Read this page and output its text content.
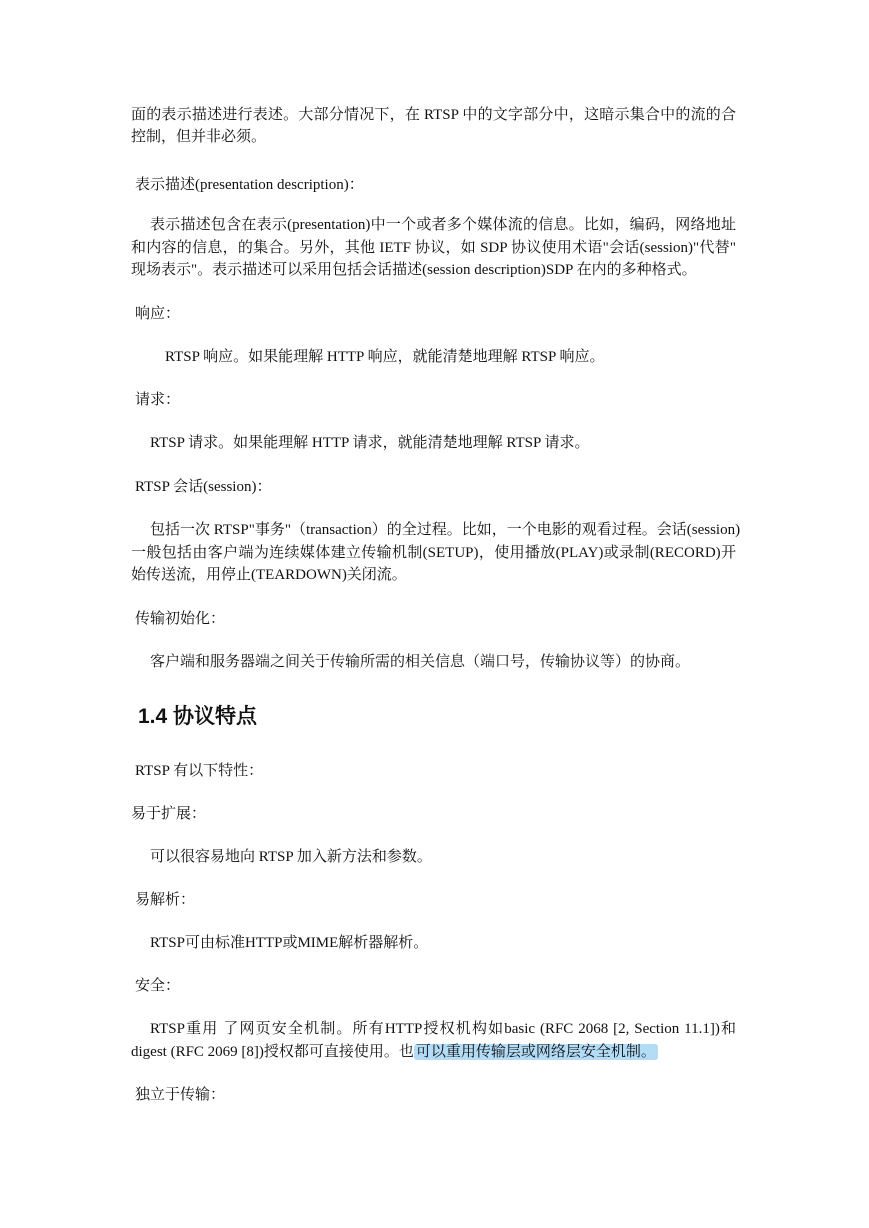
面的表示描述进行表述。大部分情况下，在 RTSP 中的文字部分中，这暗示集合中的流的合

控制，但并非必须。

表示描述(presentation description)：

表示描述包含在表示(presentation)中一个或者多个媒体流的信息。比如，编码，网络地址

和内容的信息，的集合。另外，其他 IETF 协议，如 SDP 协议使用术语"会话(session)"代替"

现场表示"。表示描述可以采用包括会话描述(session description)SDP 在内的多种格式。

响应：

RTSP 响应。如果能理解 HTTP 响应，就能清楚地理解 RTSP 响应。

请求：

RTSP 请求。如果能理解 HTTP 请求，就能清楚地理解 RTSP 请求。

RTSP 会话(session)：

包括一次 RTSP"事务"（transaction）的全过程。比如，一个电影的观看过程。会话(session)

一般包括由客户端为连续媒体建立传输机制(SETUP)，使用播放(PLAY)或录制(RECORD)开

始传送流，用停止(TEARDOWN)关闭流。

传输初始化：

客户端和服务器端之间关于传输所需的相关信息（端口号，传输协议等）的协商。

1.4 协议特点

RTSP 有以下特性：

易于扩展：

可以很容易地向 RTSP 加入新方法和参数。

易解析：

RTSP可由标准HTTP或MIME解析器解析。

安全：

RTSP重用 了网页安全机制。所有HTTP授权机构如basic (RFC 2068 [2, Section 11.1])和

digest (RFC 2069 [8])授权都可直接使用。也 可以重用传输层或网络层安全机制。

独立于传输：
